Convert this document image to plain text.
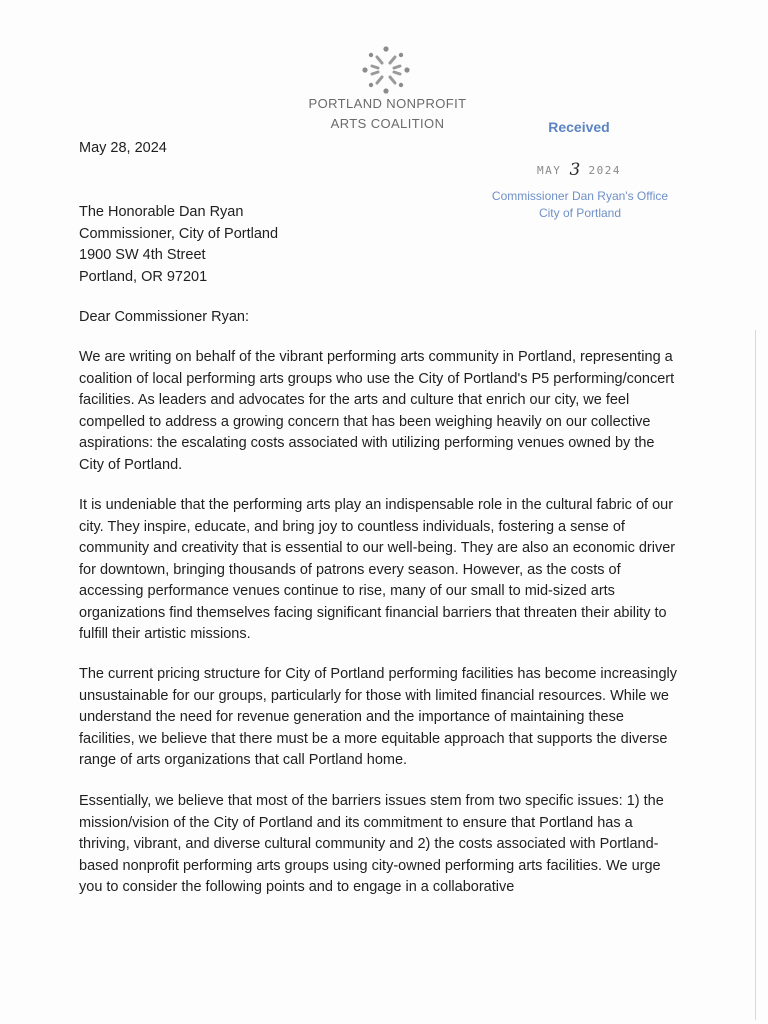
PORTLAND NONPROFIT
ARTS COALITION	Received
MAY 3 2024
Commissioner Dan Ryan's Office
City of Portland
May 28, 2024
The Honorable Dan Ryan
Commissioner, City of Portland
1900 SW 4th Street
Portland, OR 97201
Dear Commissioner Ryan:

We are writing on behalf of the vibrant performing arts community in Portland, representing a coalition of local performing arts groups who use the City of Portland's P5 performing/concert facilities. As leaders and advocates for the arts and culture that enrich our city, we feel compelled to address a growing concern that has been weighing heavily on our collective aspirations: the escalating costs associated with utilizing performing venues owned by the City of Portland.

It is undeniable that the performing arts play an indispensable role in the cultural fabric of our city. They inspire, educate, and bring joy to countless individuals, fostering a sense of community and creativity that is essential to our well-being. They are also an economic driver for downtown, bringing thousands of patrons every season. However, as the costs of accessing performance venues continue to rise, many of our small to mid-sized arts organizations find themselves facing significant financial barriers that threaten their ability to fulfill their artistic missions.

The current pricing structure for City of Portland performing facilities has become increasingly unsustainable for our groups, particularly for those with limited financial resources. While we understand the need for revenue generation and the importance of maintaining these facilities, we believe that there must be a more equitable approach that supports the diverse range of arts organizations that call Portland home.

Essentially, we believe that most of the barriers issues stem from two specific issues: 1) the mission/vision of the City of Portland and its commitment to ensure that Portland has a thriving, vibrant, and diverse cultural community and 2) the costs associated with Portland-based nonprofit performing arts groups using city-owned performing arts facilities. We urge you to consider the following points and to engage in a collaborative
